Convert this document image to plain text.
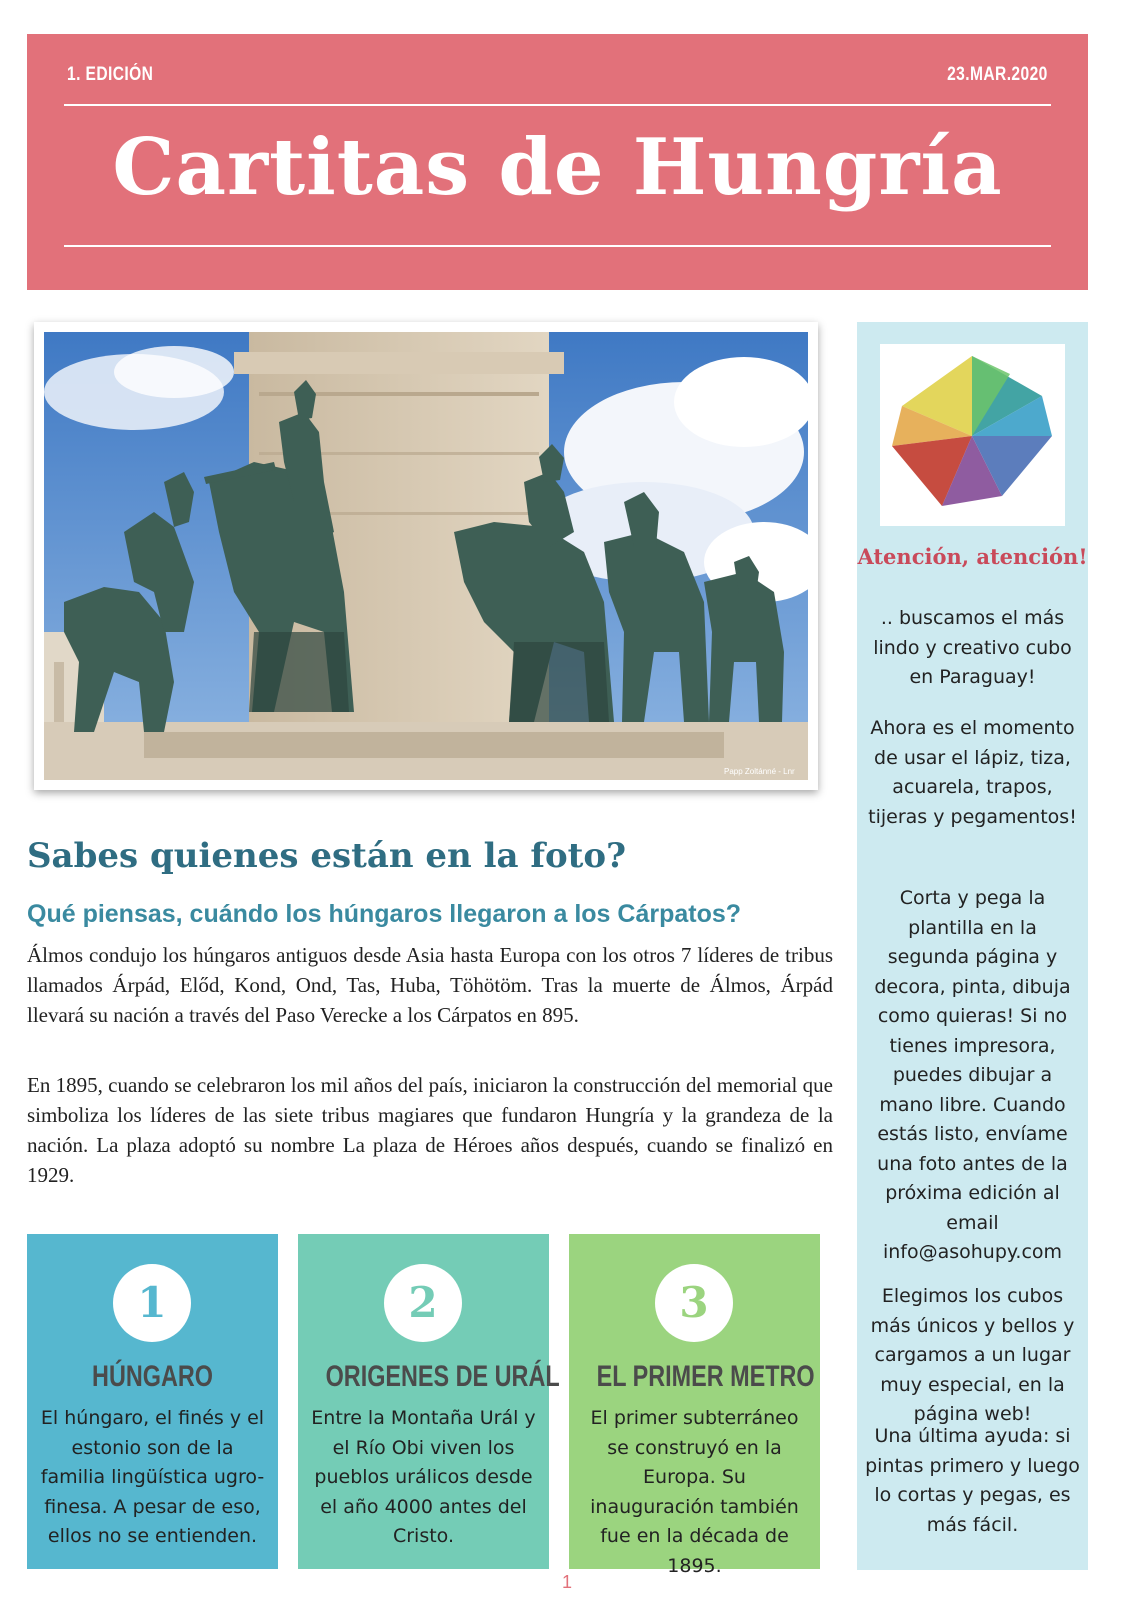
1. EDICIÓN	23.MAR.2020
Cartitas de Hungría
Papp Zoltánné - Lnr
Sabes quienes están en la foto?
Qué piensas, cuándo los húngaros llegaron a los Cárpatos?

Álmos condujo los húngaros antiguos desde Asia hasta Europa con los otros 7 líderes de tribus llamados Árpád, Előd, Kond, Ond, Tas, Huba, Töhötöm. Tras la muerte de Álmos, Árpád llevará su nación a través del Paso Verecke a los Cárpatos en 895.

En 1895, cuando se celebraron los mil años del país, iniciaron la construcción del memorial que simboliza los líderes de las siete tribus magiares que fundaron Hungría y la grandeza de la nación. La plaza adoptó su nombre La plaza de Héroes años después, cuando se finalizó en 1929.

1
HÚNGARO
El húngaro, el finés y el estonio son de la familia lingüística ugro-finesa. A pesar de eso, ellos no se entienden.
2
ORIGENES DE URÁL
Entre la Montaña Urál y el Río Obi viven los pueblos urálicos desde el año 4000 antes del Cristo.
3
EL PRIMER METRO
El primer subterráneo se construyó en la Europa. Su inauguración también fue en la década de 1895.
Atención, atención!
.. buscamos el más lindo y creativo cubo en Paraguay!
Ahora es el momento de usar el lápiz, tiza, acuarela, trapos, tijeras y pegamentos!
Corta y pega la plantilla en la segunda página y decora, pinta, dibuja como quieras! Si no tienes impresora, puedes dibujar a mano libre. Cuando estás listo, envíame una foto antes de la próxima edición al email info@asohupy.com
Elegimos los cubos más únicos y bellos y cargamos a un lugar muy especial, en la página web!
Una última ayuda: si pintas primero y luego lo cortas y pegas, es más fácil.
1
